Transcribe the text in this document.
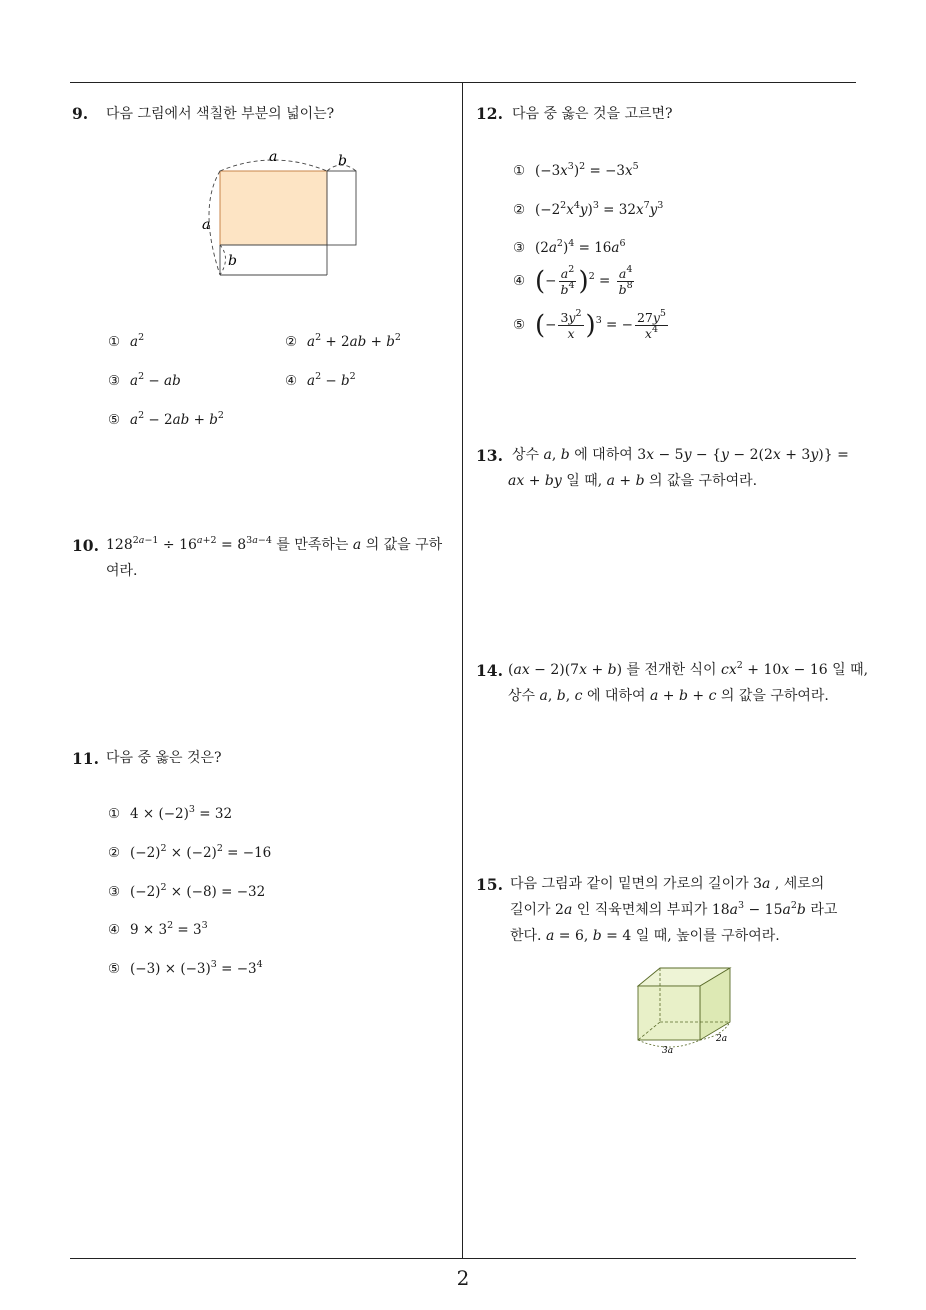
9. 다음 그림에서 색칠한 부분의 넓이는?
a	b
a
b
① $a^2$	② $a^2 + 2ab + b^2$
③ $a^2$ − ab	④ $a^2 - b^2$
⑤ $a^2 - 2ab + b^2$
10. $128^{2a-1} \div 16^{a+2} = 8^{3a-4}$ 를 만족하는 a 의 값을 구하
여라.
11. 다음 중 옳은 것은?
① $4 \times (-2)^3 = 32$
② $(-2)^2 \times (-2)^2 = -16$
③ $(-2)^2 \times (-8) = -32$
④ $9 \times 3^2 = 3^3$
⑤ $(-3) \times (-3)^3 = -3^4$
12. 다음 중 옳은 것을 고르면?
① $(-3x^3)^2 = -3x^5$
② $(-2^2x^4y)^3 = 32x^7y^3$
③ $(2a^2)^4 = 16a^6$
④ (− $\frac{a^2}{b^4} )^2 = \frac{a^4}{b^8}$
⑤ (− $\frac{3y^2}{x} )^3$ = − $\frac{27y^5}{x^4}$
13. 상수 a, b 에 대하여 3x − 5y − {y − 2(2x + 3y)} =
ax + by 일 때, a + b 의 값을 구하여라.
14. (ax − 2)(7x + b) 를 전개한 식이 $cx^2 + 10x - 16$ 일 때,
상수 a, b, c 에 대하여 a + b + c 의 값을 구하여라.
15. 다음 그림과 같이 밑면의 가로의 길이가 3a , 세로의
길이가 2a 인 직육면체의 부피가 $18a^3 - 15a^2b$ 라고
한다. a = 6, b = 4 일 때, 높이를 구하여라.
3a
2a
2
